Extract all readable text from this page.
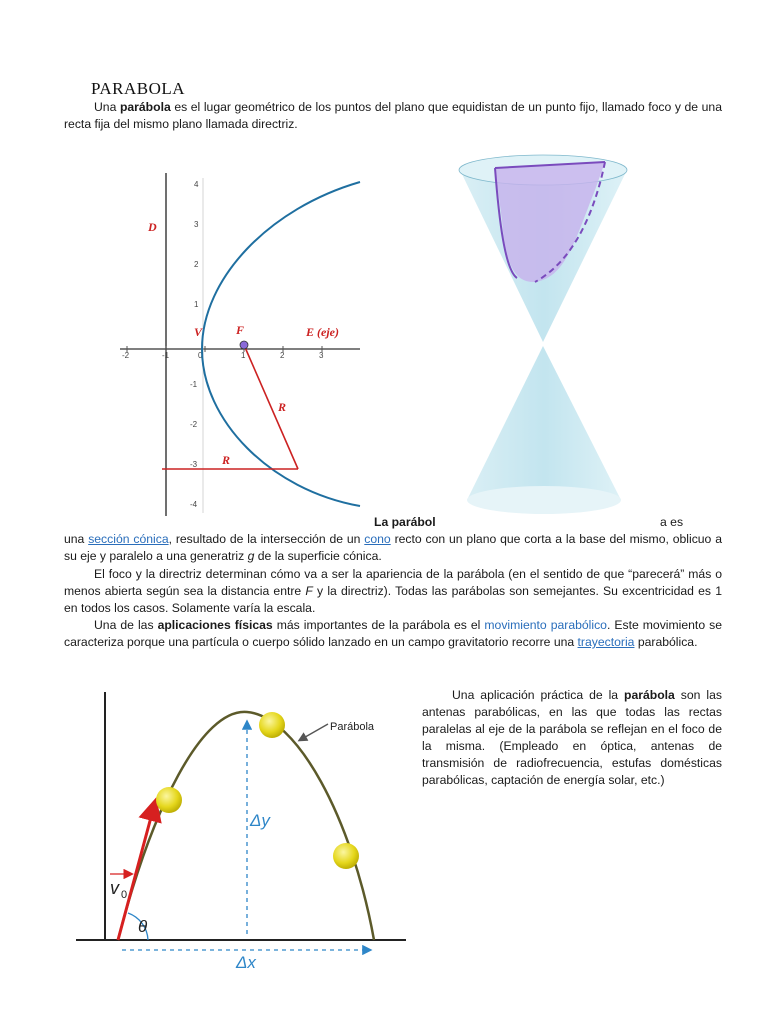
PARABOLA
Una parábola es el lugar geométrico de los puntos del plano que equidistan de un punto fijo, llamado foco y de una recta fija del mismo plano llamada directriz.
-2	-1	0	1	2	3
4
3
2
1
-1
-2
-3
-4
D
V	F	E (eje)
R
R
La parábol	a es
una sección cónica, resultado de la intersección de un cono recto con un plano que corta a la base del mismo, oblicuo a su eje y paralelo a una generatriz g de la superficie cónica.
El foco y la directriz determinan cómo va a ser la apariencia de la parábola (en el sentido de que “parecerá” más o menos abierta según sea la distancia entre F y la directriz). Todas las parábolas son semejantes. Su excentricidad es 1 en todos los casos. Solamente varía la escala.
Una de las aplicaciones físicas más importantes de la parábola es el movimiento parabólico. Este movimiento se caracteriza porque una partícula o cuerpo sólido lanzado en un campo gravitatorio recorre una trayectoria parabólica.
Parábola
Δy
Δx
θ
v 0
Una aplicación práctica de la parábola son las antenas parabólicas, en las que todas las rectas paralelas al eje de la parábola se reflejan en el foco de la misma. (Empleado en óptica, antenas de transmisión de radiofrecuencia, estufas domésticas parabólicas, captación de energía solar, etc.)
